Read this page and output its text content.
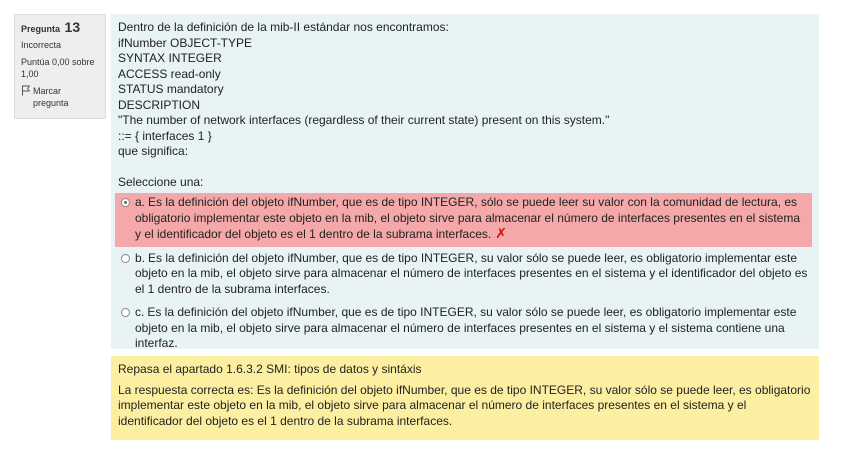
Pregunta 13
Incorrecta
Puntúa 0,00 sobre 1,00
Marcar pregunta
Dentro de la definición de la mib-II estándar nos encontramos:
ifNumber OBJECT-TYPE
SYNTAX INTEGER
ACCESS read-only
STATUS mandatory
DESCRIPTION
"The number of network interfaces (regardless of their current state) present on this system."
::= { interfaces 1 }
que significa:
Seleccione una:
a. Es la definición del objeto ifNumber, que es de tipo INTEGER, sólo se puede leer su valor con la comunidad de lectura, es obligatorio implementar este objeto en la mib, el objeto sirve para almacenar el número de interfaces presentes en el sistema y el identificador del objeto es el 1 dentro de la subrama interfaces. ✗
b. Es la definición del objeto ifNumber, que es de tipo INTEGER, su valor sólo se puede leer, es obligatorio implementar este objeto en la mib, el objeto sirve para almacenar el número de interfaces presentes en el sistema y el identificador del objeto es el 1 dentro de la subrama interfaces.
c. Es la definición del objeto ifNumber, que es de tipo INTEGER, su valor sólo se puede leer, es obligatorio implementar este objeto en la mib, el objeto sirve para almacenar el número de interfaces presentes en el sistema y el sistema contiene una interfaz.
Repasa el apartado 1.6.3.2 SMI: tipos de datos y sintáxis
La respuesta correcta es: Es la definición del objeto ifNumber, que es de tipo INTEGER, su valor sólo se puede leer, es obligatorio implementar este objeto en la mib, el objeto sirve para almacenar el número de interfaces presentes en el sistema y el identificador del objeto es el 1 dentro de la subrama interfaces.
